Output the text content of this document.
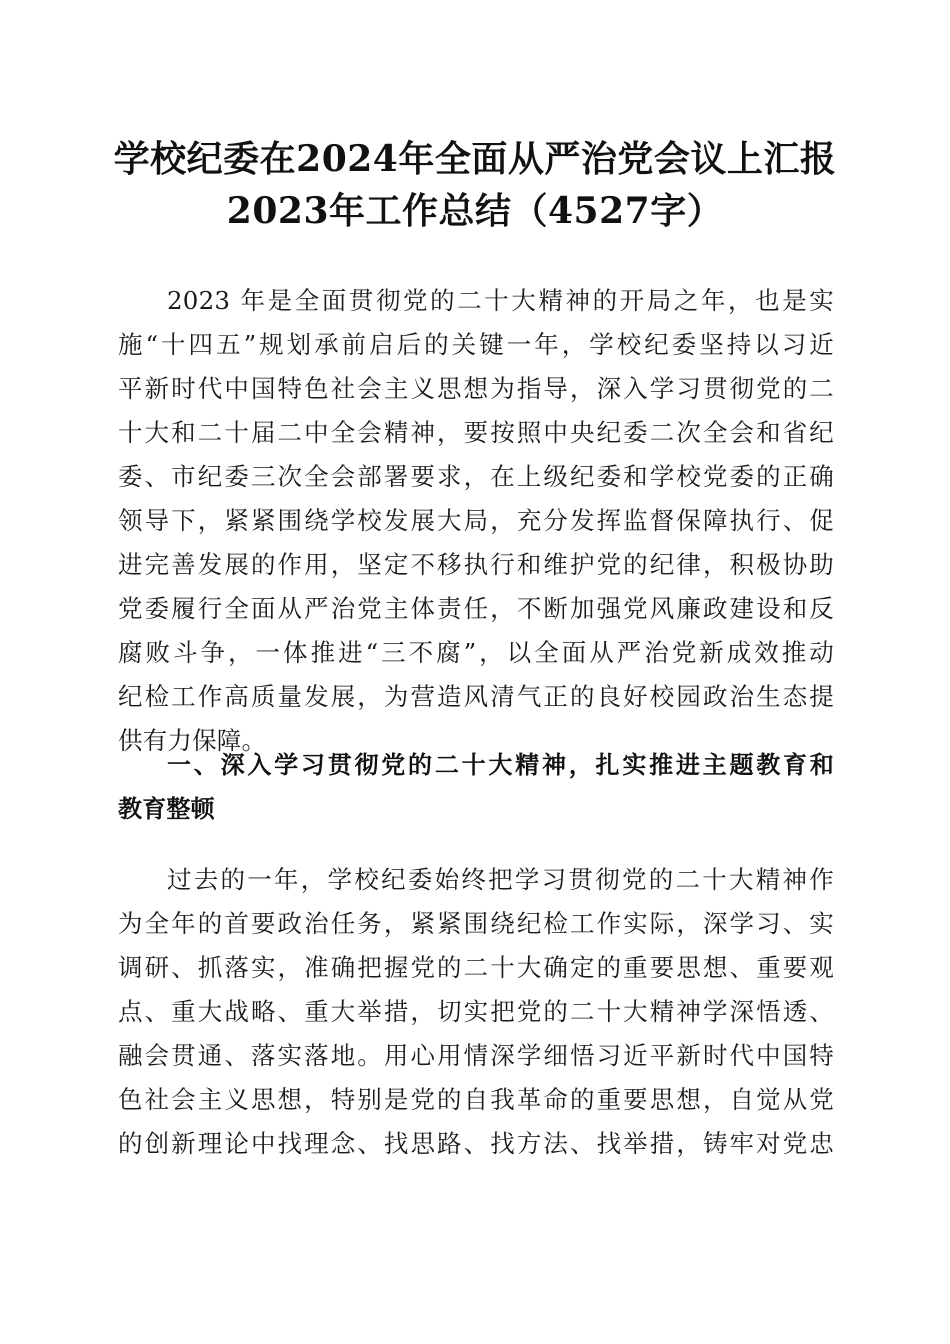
学校纪委在2024年全面从严治党会议上汇报
2023年工作总结（4527字）
2023 年是全面贯彻党的二十大精神的开局之年，也是实
施“十四五”规划承前启后的关键一年，学校纪委坚持以习近
平新时代中国特色社会主义思想为指导，深入学习贯彻党的二
十大和二十届二中全会精神，要按照中央纪委二次全会和省纪
委、市纪委三次全会部署要求，在上级纪委和学校党委的正确
领导下，紧紧围绕学校发展大局，充分发挥监督保障执行、促
进完善发展的作用，坚定不移执行和维护党的纪律，积极协助
党委履行全面从严治党主体责任，不断加强党风廉政建设和反
腐败斗争，一体推进“三不腐”，以全面从严治党新成效推动
纪检工作高质量发展，为营造风清气正的良好校园政治生态提
供有力保障。
一、深入学习贯彻党的二十大精神，扎实推进主题教育和
教育整顿
过去的一年，学校纪委始终把学习贯彻党的二十大精神作
为全年的首要政治任务，紧紧围绕纪检工作实际，深学习、实
调研、抓落实，准确把握党的二十大确定的重要思想、重要观
点、重大战略、重大举措，切实把党的二十大精神学深悟透、
融会贯通、落实落地。用心用情深学细悟习近平新时代中国特
色社会主义思想，特别是党的自我革命的重要思想，自觉从党
的创新理论中找理念、找思路、找方法、找举措，铸牢对党忠
